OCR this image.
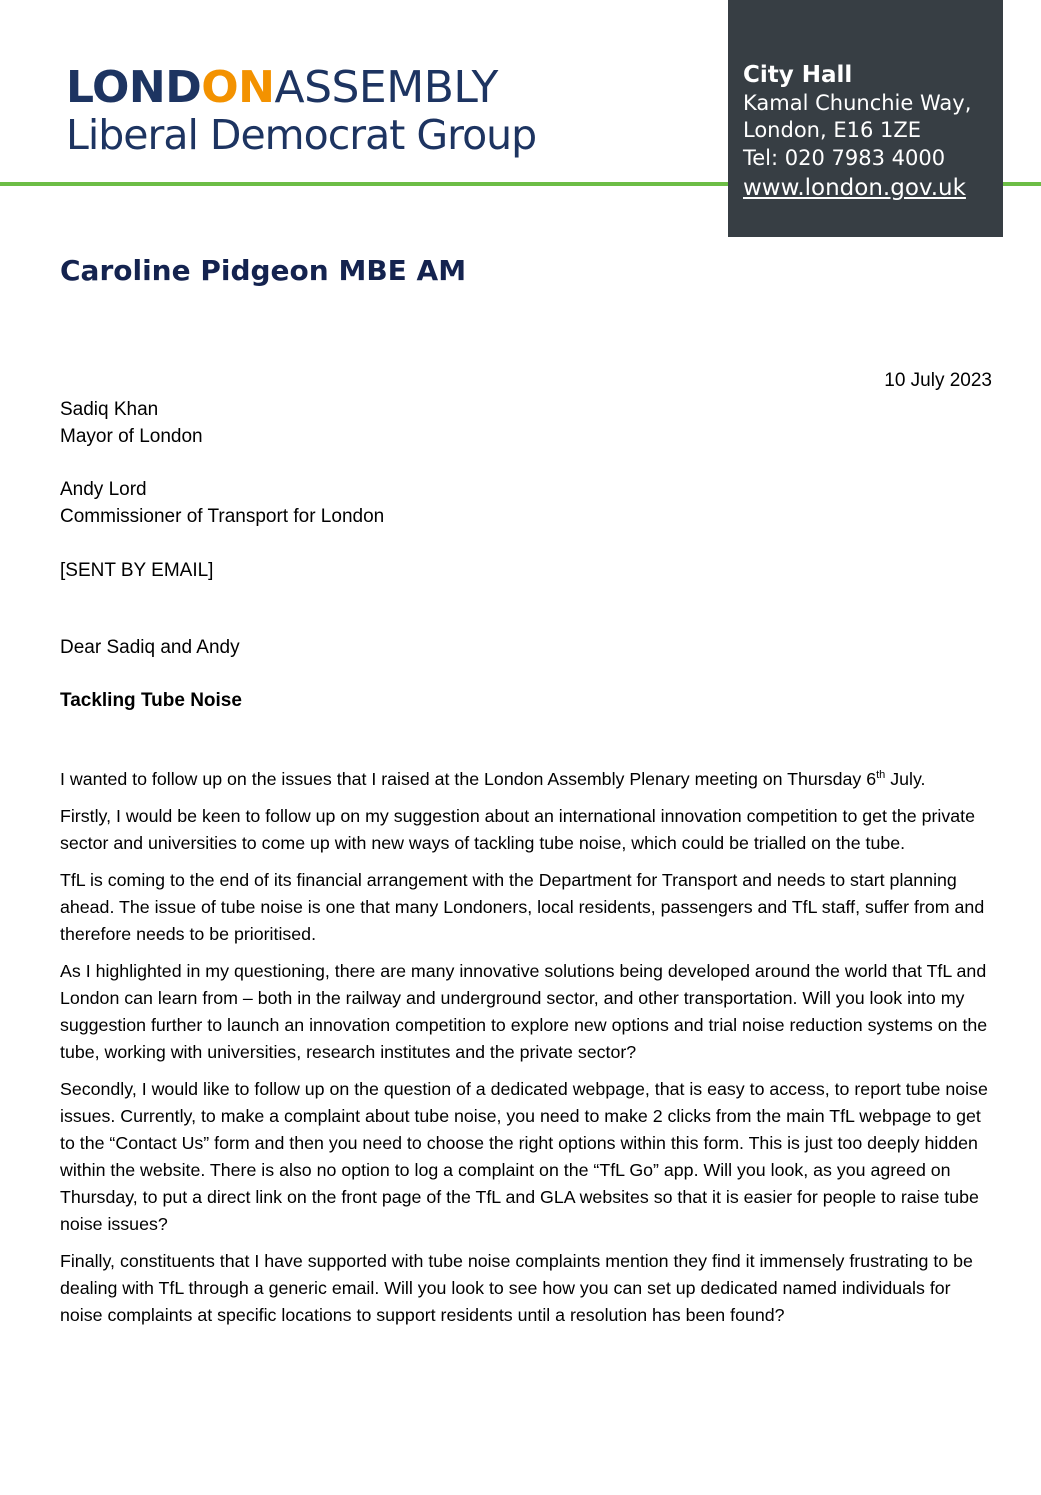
LONDONASSEMBLY
Liberal Democrat Group
City Hall
Kamal Chunchie Way,
London, E16 1ZE
Tel: 020 7983 4000
www.london.gov.uk
Caroline Pidgeon MBE AM
10 July 2023
Sadiq Khan
Mayor of London
Andy Lord
Commissioner of Transport for London
[SENT BY EMAIL]
Dear Sadiq and Andy
Tackling Tube Noise

I wanted to follow up on the issues that I raised at the London Assembly Plenary meeting on Thursday 6th July.

Firstly, I would be keen to follow up on my suggestion about an international innovation competition to get the private sector and universities to come up with new ways of tackling tube noise, which could be trialled on the tube.

TfL is coming to the end of its financial arrangement with the Department for Transport and needs to start planning ahead. The issue of tube noise is one that many Londoners, local residents, passengers and TfL staff, suffer from and therefore needs to be prioritised.

As I highlighted in my questioning, there are many innovative solutions being developed around the world that TfL and London can learn from – both in the railway and underground sector, and other transportation. Will you look into my suggestion further to launch an innovation competition to explore new options and trial noise reduction systems on the tube, working with universities, research institutes and the private sector?

Secondly, I would like to follow up on the question of a dedicated webpage, that is easy to access, to report tube noise issues. Currently, to make a complaint about tube noise, you need to make 2 clicks from the main TfL webpage to get to the “Contact Us” form and then you need to choose the right options within this form. This is just too deeply hidden within the website. There is also no option to log a complaint on the “TfL Go” app. Will you look, as you agreed on Thursday, to put a direct link on the front page of the TfL and GLA websites so that it is easier for people to raise tube noise issues?

Finally, constituents that I have supported with tube noise complaints mention they find it immensely frustrating to be dealing with TfL through a generic email. Will you look to see how you can set up dedicated named individuals for noise complaints at specific locations to support residents until a resolution has been found?
